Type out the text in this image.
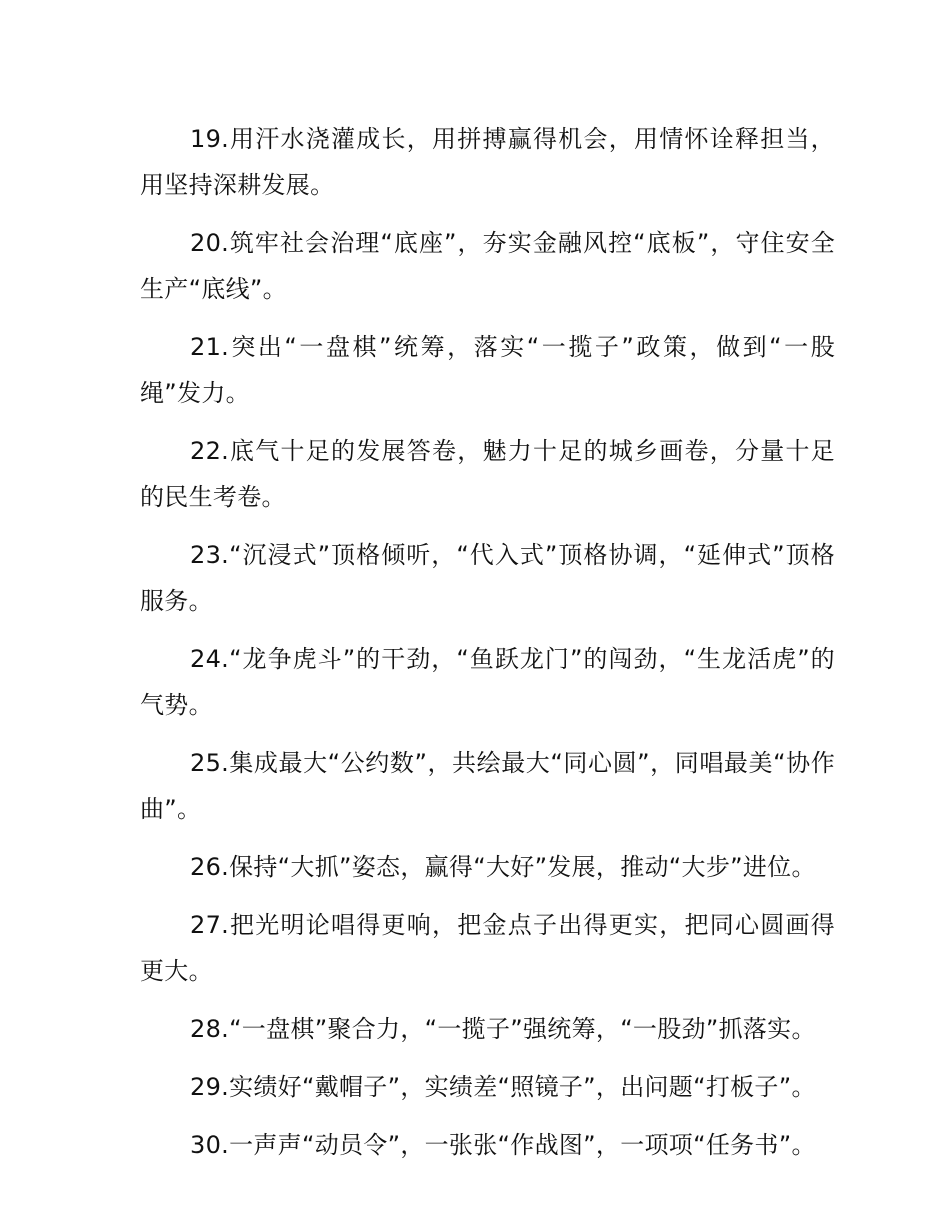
19.用汗水浇灌成长，用拼搏赢得机会，用情怀诠释担当，用坚持深耕发展。

20.筑牢社会治理“底座”，夯实金融风控“底板”，守住安全生产“底线”。

21.突出“一盘棋”统筹，落实“一揽子”政策，做到“一股绳”发力。

22.底气十足的发展答卷，魅力十足的城乡画卷，分量十足的民生考卷。

23.“沉浸式”顶格倾听，“代入式”顶格协调，“延伸式”顶格服务。

24.“龙争虎斗”的干劲，“鱼跃龙门”的闯劲，“生龙活虎”的气势。

25.集成最大“公约数”，共绘最大“同心圆”，同唱最美“协作曲”。

26.保持“大抓”姿态，赢得“大好”发展，推动“大步”进位。

27.把光明论唱得更响，把金点子出得更实，把同心圆画得更大。

28.“一盘棋”聚合力，“一揽子”强统筹，“一股劲”抓落实。

29.实绩好“戴帽子”，实绩差“照镜子”，出问题“打板子”。

30.一声声“动员令”，一张张“作战图”，一项项“任务书”。
